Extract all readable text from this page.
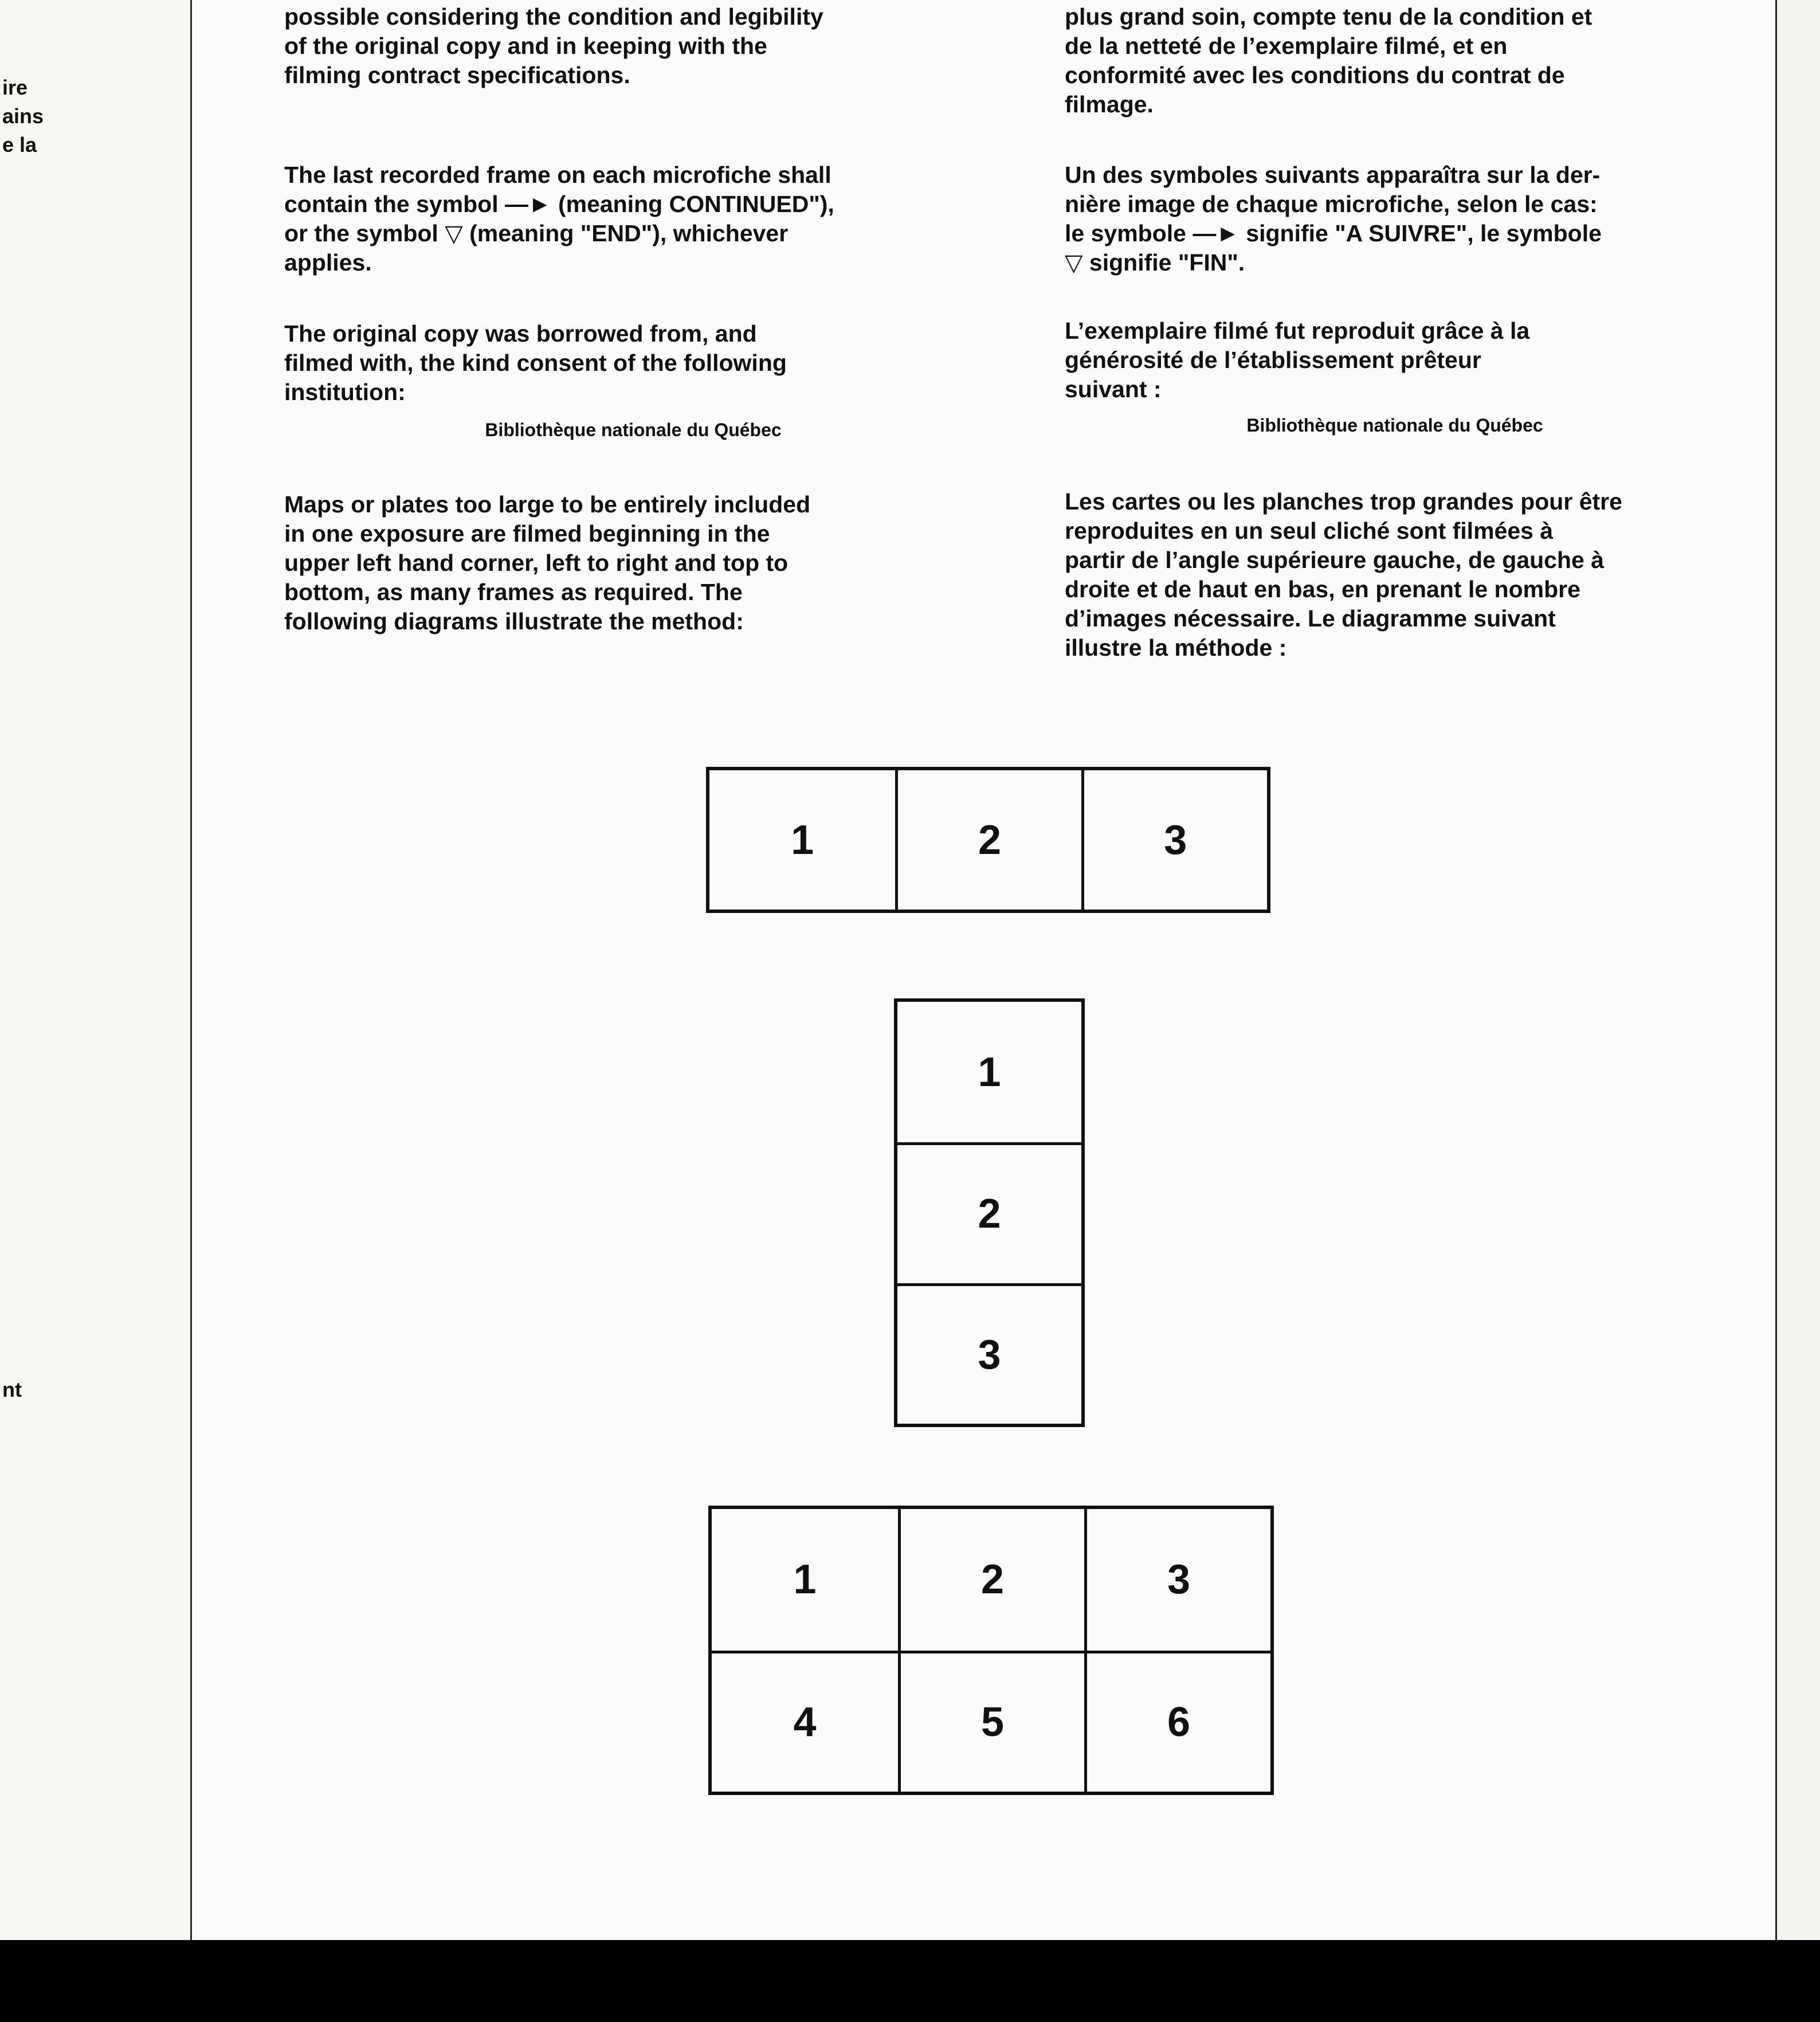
ire
ains
e la
nt

possible considering the condition and legibility

of the original copy and in keeping with the

filming contract specifications.

The last recorded frame on each microfiche shall

contain the symbol —► (meaning CONTINUED"),

or the symbol ▽ (meaning "END"), whichever

applies.

The original copy was borrowed from, and

filmed with, the kind consent of the following

institution:

Bibliothèque nationale du Québec

Maps or plates too large to be entirely included

in one exposure are filmed beginning in the

upper left hand corner, left to right and top to

bottom, as many frames as required. The

following diagrams illustrate the method:

plus grand soin, compte tenu de la condition et

de la netteté de l’exemplaire filmé, et en

conformité avec les conditions du contrat de

filmage.

Un des symboles suivants apparaîtra sur la der-

nière image de chaque microfiche, selon le cas:

le symbole —► signifie "A SUIVRE", le symbole

▽ signifie "FIN".

L’exemplaire filmé fut reproduit grâce à la

générosité de l’établissement prêteur

suivant :

Bibliothèque nationale du Québec

Les cartes ou les planches trop grandes pour être

reproduites en un seul cliché sont filmées à

partir de l’angle supérieure gauche, de gauche à

droite et de haut en bas, en prenant le nombre

d’images nécessaire. Le diagramme suivant

illustre la méthode :

1	2	3
1
2
3
1	2	3
4	5	6
